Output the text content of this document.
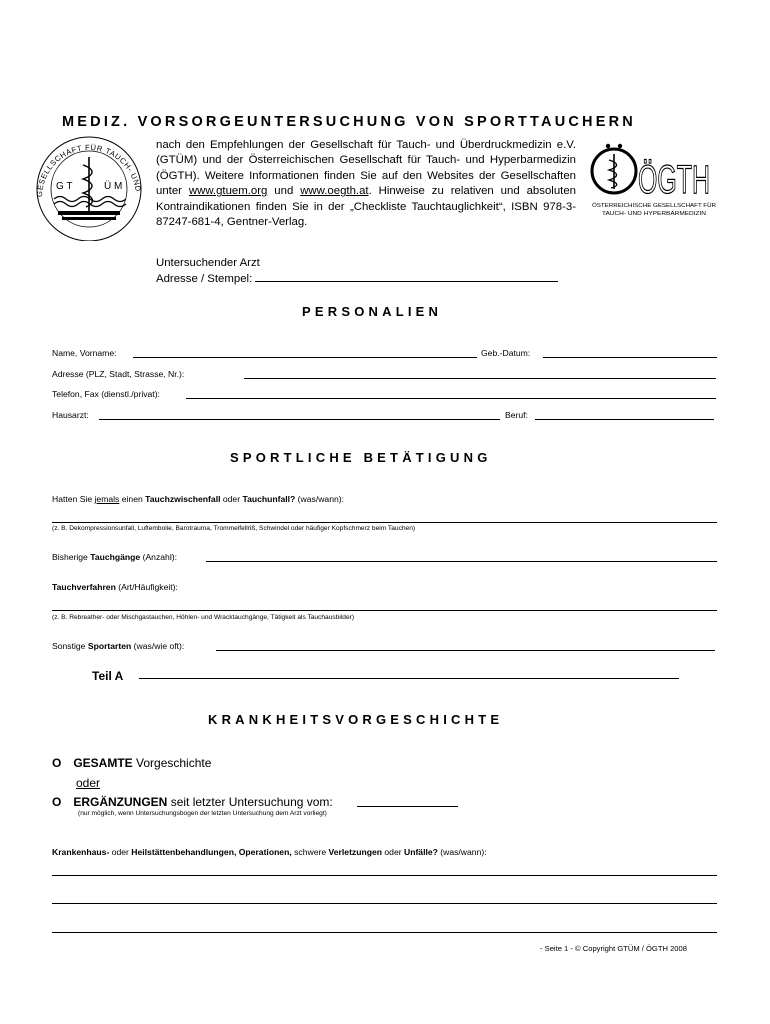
MEDIZ. VORSORGEUNTERSUCHUNG VON SPORTTAUCHERN
GESELLSCHAFT FÜR TAUCH- UND
G T	Ü M
nach den Empfehlungen der Gesellschaft für Tauch- und Überdruckmedizin e.V. (GTÜM) und der Österreichischen Gesellschaft für Tauch- und Hyperbarmedizin (ÖGTH). Weitere Informationen finden Sie auf den Websites der Gesellschaften unter www.gtuem.org und www.oegth.at. Hinweise zu relativen und absoluten Kontraindikationen finden Sie in der „Checkliste Tauchtauglichkeit“, ISBN 978-3-87247-681-4, Gentner-Verlag.
ÖGTH
ÖSTERREICHISCHE GESELLSCHAFT FÜR
TAUCH- UND HYPERBARMEDIZIN
Untersuchender Arzt
Adresse / Stempel:
PERSONALIEN
Name, Vorname:	Geb.-Datum:
Adresse (PLZ, Stadt, Strasse, Nr.):
Telefon, Fax (dienstl./privat):
Hausarzt:	Beruf:
SPORTLICHE BETÄTIGUNG
Hatten Sie jemals einen Tauchzwischenfall oder Tauchunfall? (was/wann):
(z. B. Dekompressionsunfall, Luftembolie, Barotrauma, Trommelfellriß, Schwindel oder häufiger Kopfschmerz beim Tauchen)
Bisherige Tauchgänge (Anzahl):
Tauchverfahren (Art/Häufigkeit):
(z. B. Rebreather- oder Mischgastauchen, Höhlen- und Wracktauchgänge, Tätigkeit als Tauchausbilder)
Sonstige Sportarten (was/wie oft):
Teil A
KRANKHEITSVORGESCHICHTE
O GESAMTE Vorgeschichte
oder
O ERGÄNZUNGEN seit letzter Untersuchung vom:
(nur möglich, wenn Untersuchungsbogen der letzten Untersuchung dem Arzt vorliegt)
Krankenhaus- oder Heilstättenbehandlungen, Operationen, schwere Verletzungen oder Unfälle? (was/wann):
- Seite 1 - © Copyright GTÜM / ÖGTH 2008
